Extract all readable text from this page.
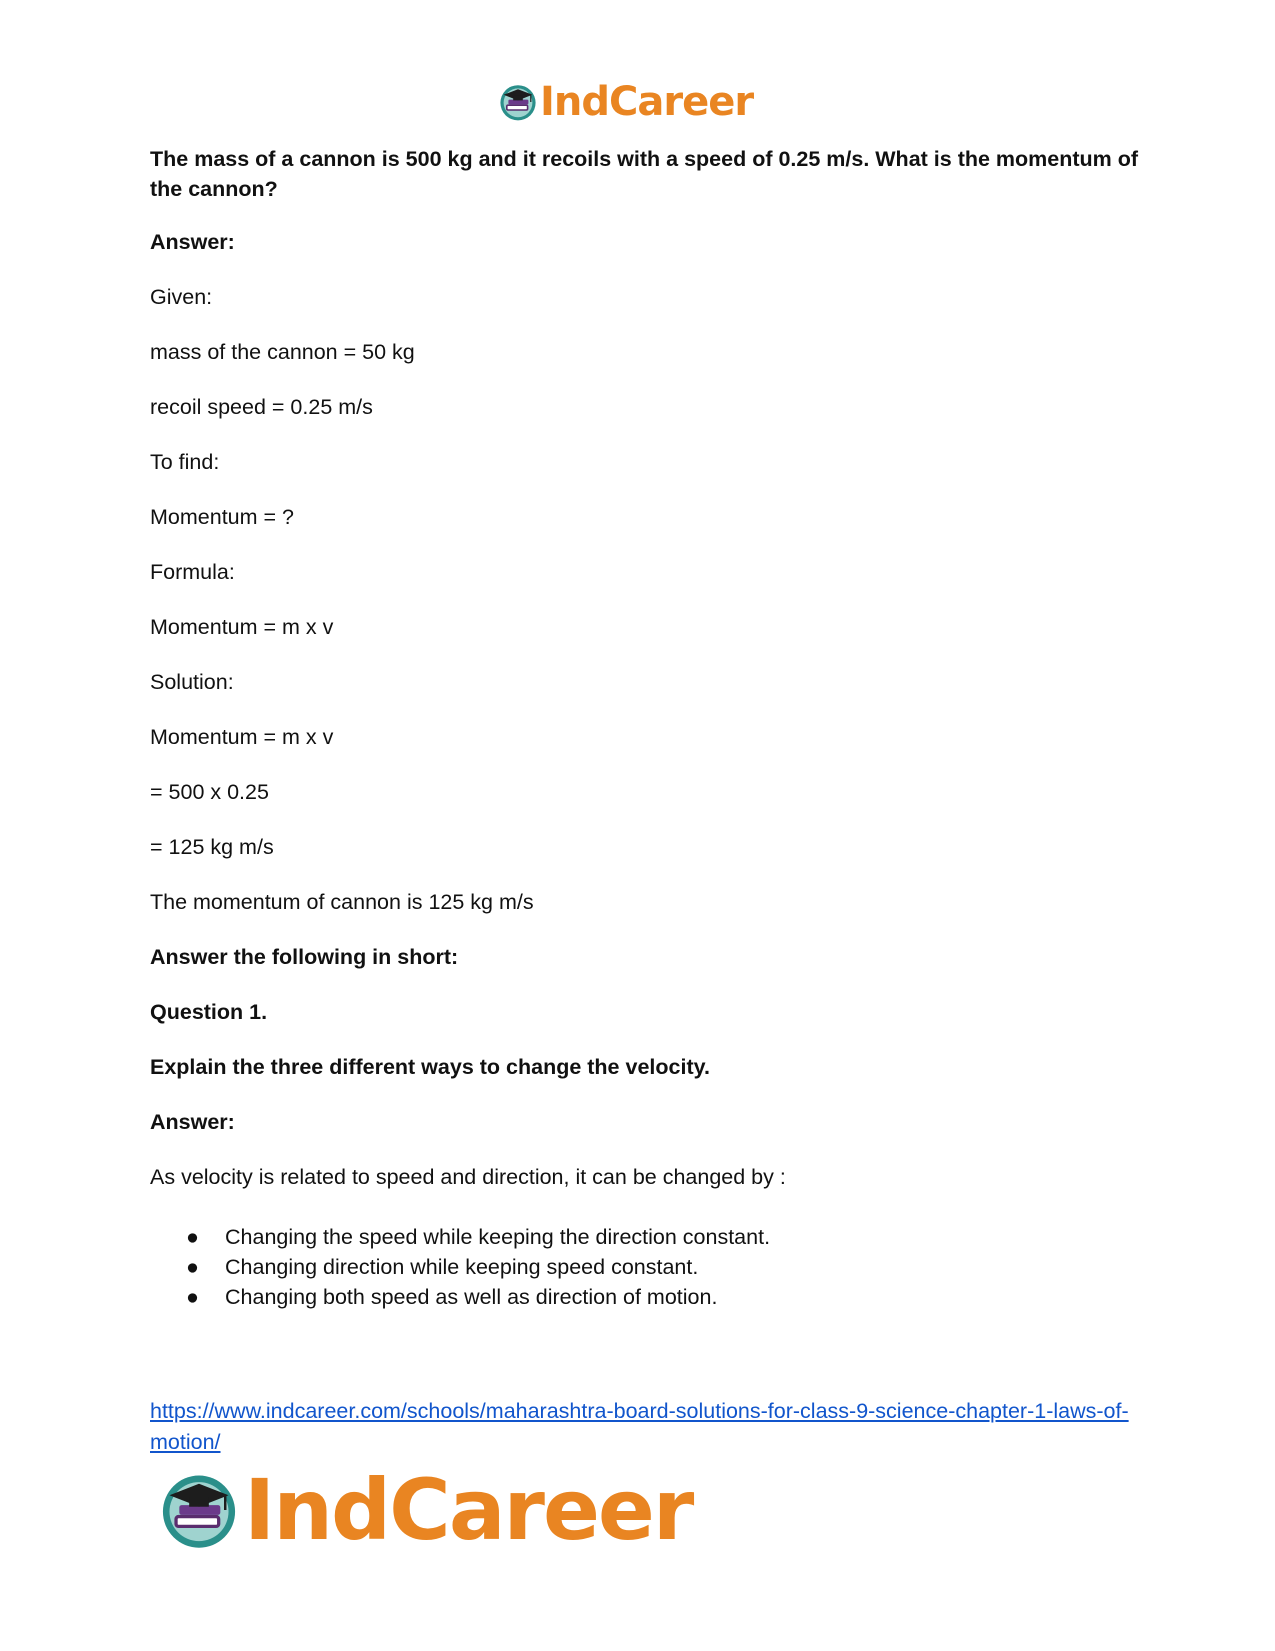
IndCareer

The mass of a cannon is 500 kg and it recoils with a speed of 0.25 m/s. What is the momentum of the cannon?

Answer:

Given:

mass of the cannon = 50 kg

recoil speed = 0.25 m/s

To find:

Momentum = ?

Formula:

Momentum = m x v

Solution:

Momentum = m x v

= 500 x 0.25

= 125 kg m/s

The momentum of cannon is 125 kg m/s

Answer the following in short:

Question 1.

Explain the three different ways to change the velocity.

Answer:

As velocity is related to speed and direction, it can be changed by :

● Changing the speed while keeping the direction constant.
● Changing direction while keeping speed constant.
● Changing both speed as well as direction of motion.
https://www.indcareer.com/schools/maharashtra-board-solutions-for-class-9-science-chapter-1-laws-of-motion/
IndCareer
